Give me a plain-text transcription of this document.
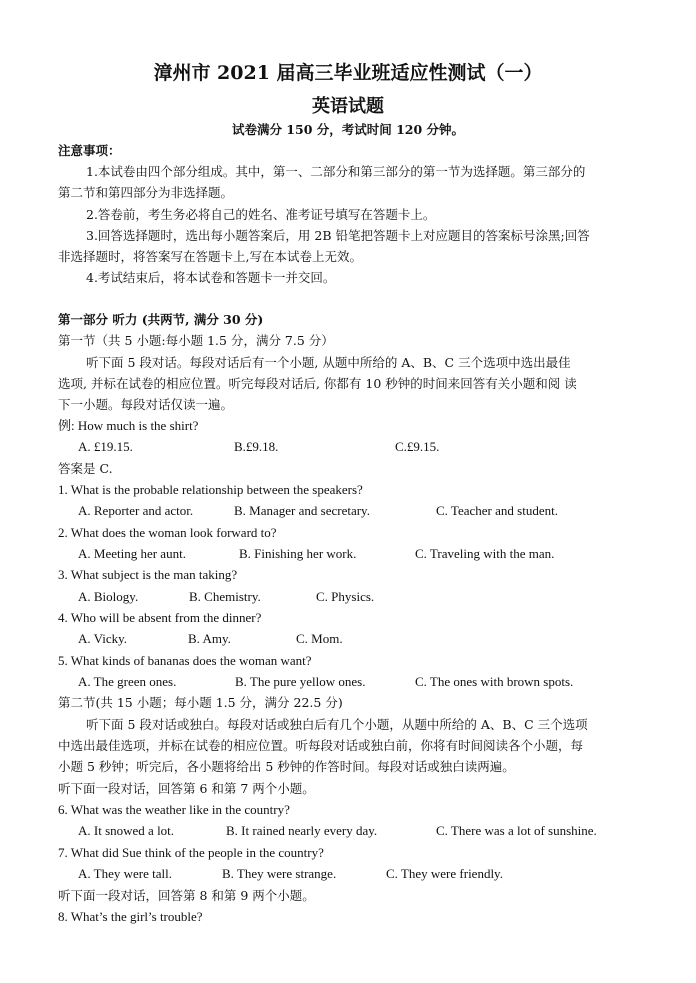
漳州市 2021 届高三毕业班适应性测试（一）
英语试题
试卷满分 150 分，考试时间 120 分钟。
注意事项：
1.本试卷由四个部分组成。其中，第一、二部分和第三部分的第一节为选择题。第三部分的
第二节和第四部分为非选择题。
2.答卷前，考生务必将自己的姓名、准考证号填写在答题卡上。
3.回答选择题时，选出每小题答案后，用 2B 铅笔把答题卡上对应题目的答案标号涂黑;回答
非选择题时，将答案写在答题卡上,写在本试卷上无效。
4.考试结束后，将本试卷和答题卡一并交回。
第一部分 听力 (共两节, 满分 30 分)
第一节（共 5 小题:每小题 1.5 分，满分 7.5 分）
听下面 5 段对话。每段对话后有一个小题, 从题中所给的 A、B、C 三个选项中选出最佳
选项, 并标在试卷的相应位置。听完每段对话后, 你都有 10 秒钟的时间来回答有关小题和阅 读
下一小题。每段对话仅读一遍。
例: How much is the shirt?
A. £19.15.	B.£9.18.	C.£9.15.
答案是 C.
1. What is the probable relationship between the speakers?
A. Reporter and actor.	B. Manager and secretary.	C. Teacher and student.
2. What does the woman look forward to?
A. Meeting her aunt.	B. Finishing her work.	C. Traveling with the man.
3. What subject is the man taking?
A. Biology.	B. Chemistry.	C. Physics.
4. Who will be absent from the dinner?
A. Vicky.	B. Amy.	C. Mom.
5. What kinds of bananas does the woman want?
A. The green ones.	B. The pure yellow ones.	C. The ones with brown spots.
第二节(共 15 小题；每小题 1.5 分，满分 22.5 分)
听下面 5 段对话或独白。每段对话或独白后有几个小题，从题中所给的 A、B、C 三个选项
中选出最佳选项，并标在试卷的相应位置。听每段对话或独白前，你将有时间阅读各个小题，每
小题 5 秒钟；听完后，各小题将给出 5 秒钟的作答时间。每段对话或独白读两遍。
听下面一段对话，回答第 6 和第 7 两个小题。
6. What was the weather like in the country?
A. It snowed a lot.	B. It rained nearly every day.	C. There was a lot of sunshine.
7. What did Sue think of the people in the country?
A. They were tall.	B. They were strange.	C. They were friendly.
听下面一段对话，回答第 8 和第 9 两个小题。
8. What’s the girl’s trouble?
